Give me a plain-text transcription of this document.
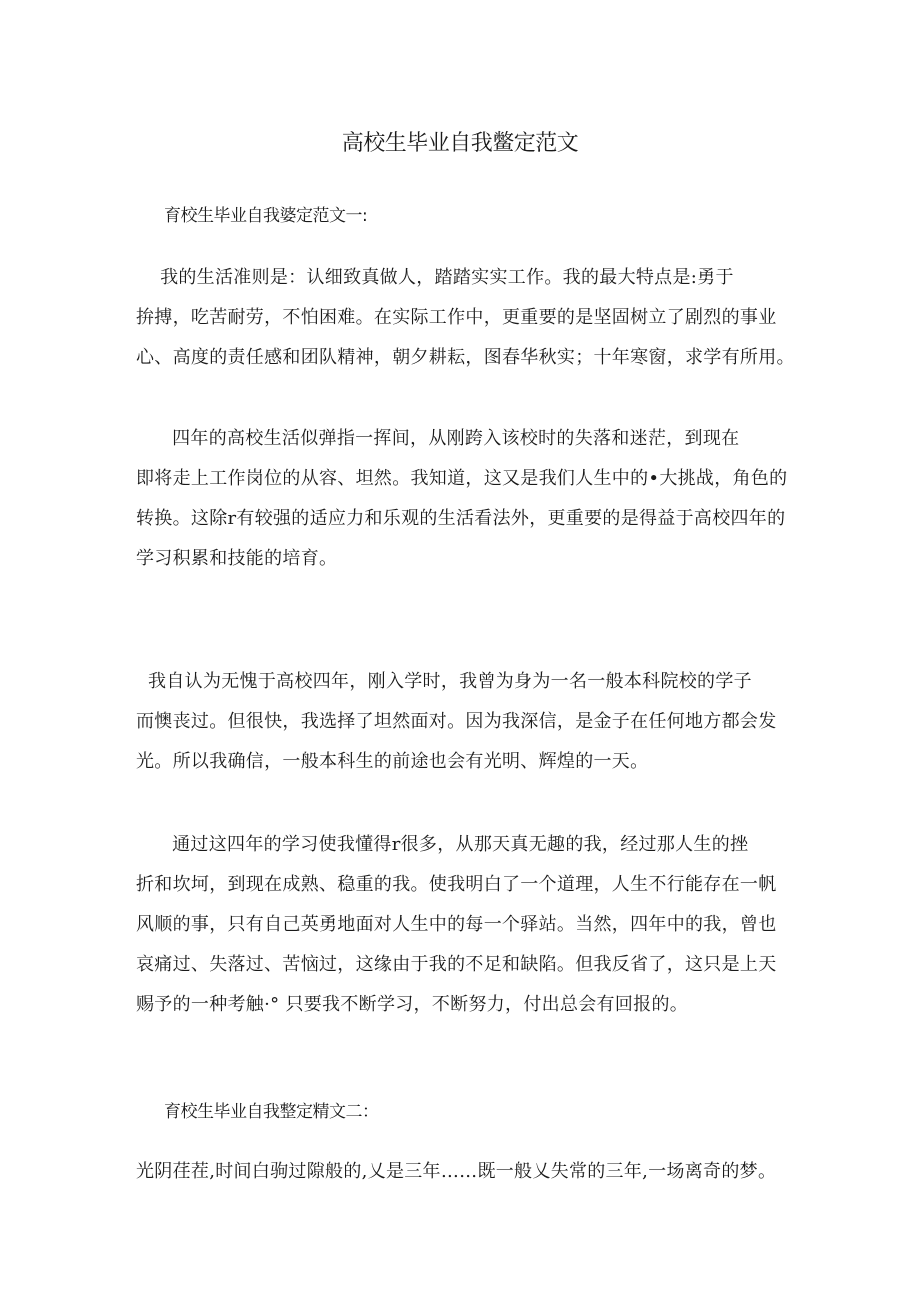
高校生毕业自我鳖定范文
育校生毕业自我婆定范文一:

我的生活准则是：认细致真做人，踏踏实实工作。我的最大特点是:勇于
拚搏，吃苦耐劳，不怕困难。在实际工作中，更重要的是坚固树立了剧烈的事业
心、高度的责任感和团队精神，朝夕耕耘，图春华秋实；十年寒窗，求学有所用。

四年的高校生活似弹指一挥间，从刚跨入该校时的失落和迷茫，到现在
即将走上工作岗位的从容、坦然。我知道，这又是我们人生中的•大挑战，角色的
转换。这除r有较强的适应力和乐观的生活看法外，更重要的是得益于高校四年的
学习积累和技能的培育。

我自认为无愧于高校四年，刚入学时，我曾为身为一名一般本科院校的学子
而懊丧过。但很快，我选择了坦然面对。因为我深信，是金子在任何地方都会发
光。所以我确信，一般本科生的前途也会有光明、辉煌的一天。

通过这四年的学习使我懂得r很多，从那天真无趣的我，经过那人生的挫
折和坎坷，到现在成熟、稳重的我。使我明白了一个道理，人生不行能存在一帆
风顺的事，只有自己英勇地面对人生中的每一个驿站。当然，四年中的我，曾也
哀痛过、失落过、苦恼过，这缘由于我的不足和缺陷。但我反省了，这只是上天
赐予的一种考触·° 只要我不断学习，不断努力，付出总会有回报的。

育校生毕业自我整定精文二：

光阴荏茬,时间白驹过隙般的,乂是三年……既一般乂失常的三年,一场离奇的梦。
